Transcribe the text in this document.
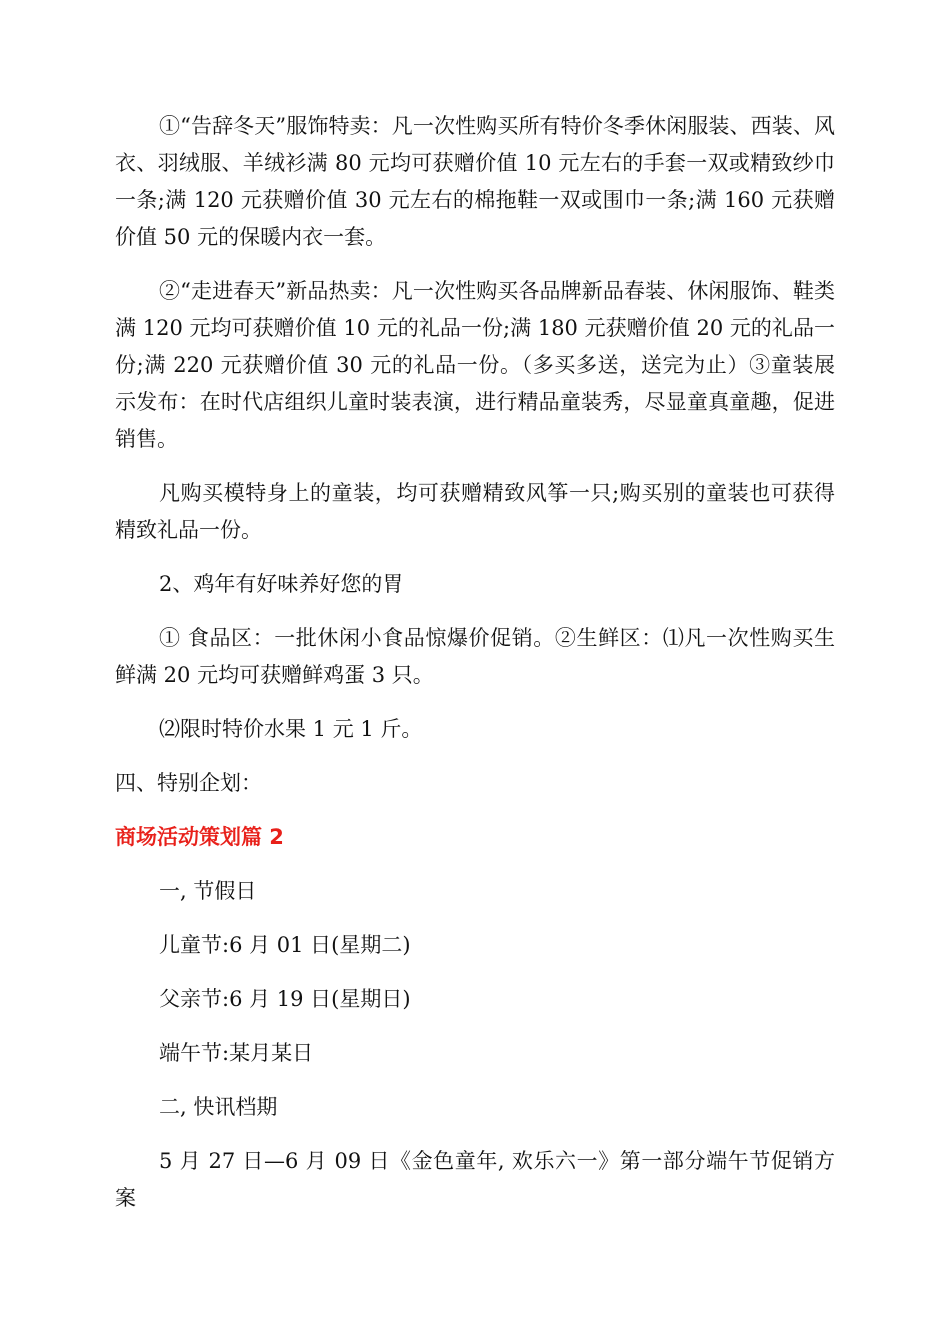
①“告辞冬天”服饰特卖：凡一次性购买所有特价冬季休闲服装、西装、风衣、羽绒服、羊绒衫满 80 元均可获赠价值 10 元左右的手套一双或精致纱巾一条;满 120 元获赠价值 30 元左右的棉拖鞋一双或围巾一条;满 160 元获赠价值 50 元的保暖内衣一套。

②“走进春天”新品热卖：凡一次性购买各品牌新品春装、休闲服饰、鞋类满 120 元均可获赠价值 10 元的礼品一份;满 180 元获赠价值 20 元的礼品一份;满 220 元获赠价值 30 元的礼品一份。（多买多送，送完为止）③童装展示发布：在时代店组织儿童时装表演，进行精品童装秀，尽显童真童趣，促进销售。

凡购买模特身上的童装，均可获赠精致风筝一只;购买别的童装也可获得精致礼品一份。

2、鸡年有好味养好您的胃

① 食品区：一批休闲小食品惊爆价促销。②生鲜区：⑴凡一次性购买生鲜满 20 元均可获赠鲜鸡蛋 3 只。

⑵限时特价水果 1 元 1 斤。

四、特别企划：

商场活动策划篇 2

一, 节假日

儿童节:6 月 01 日(星期二)

父亲节:6 月 19 日(星期日)

端午节:某月某日

二, 快讯档期

5 月 27 日—6 月 09 日《金色童年, 欢乐六一》第一部分端午节促销方案
